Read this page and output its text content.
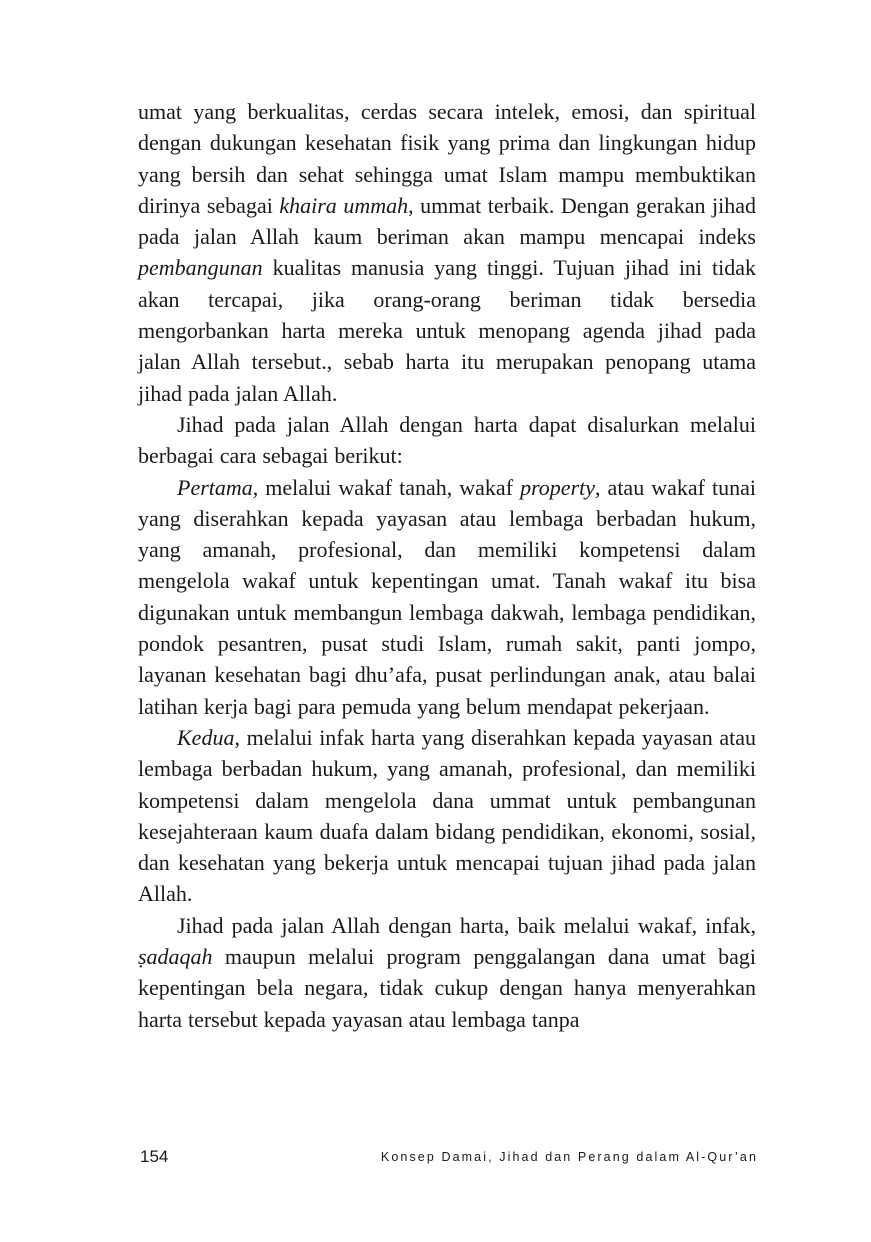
umat yang berkualitas, cerdas secara intelek, emosi, dan spiritual dengan dukungan kesehatan fisik yang prima dan lingkungan hidup yang bersih dan sehat sehingga umat Islam mampu membuktikan dirinya sebagai khaira ummah, ummat terbaik. Dengan gerakan jihad pada jalan Allah kaum beriman akan mampu mencapai indeks pembangunan kualitas manusia yang tinggi. Tujuan jihad ini tidak akan tercapai, jika orang-orang beriman tidak bersedia mengorbankan harta mereka untuk menopang agenda jihad pada jalan Allah tersebut., sebab harta itu merupakan penopang utama jihad pada jalan Allah.

Jihad pada jalan Allah dengan harta dapat disalurkan melalui berbagai cara sebagai berikut:

Pertama, melalui wakaf tanah, wakaf property, atau wakaf tunai yang diserahkan kepada yayasan atau lembaga berbadan hukum, yang amanah, profesional, dan memiliki kompetensi dalam mengelola wakaf untuk kepentingan umat. Tanah wakaf itu bisa digunakan untuk membangun lembaga dakwah, lembaga pendidikan, pondok pesantren, pusat studi Islam, rumah sakit, panti jompo, layanan kesehatan bagi dhu’afa, pusat perlindungan anak, atau balai latihan kerja bagi para pemuda yang belum mendapat pekerjaan.

Kedua, melalui infak harta yang diserahkan kepada yayasan atau lembaga berbadan hukum, yang amanah, profesional, dan memiliki kompetensi dalam mengelola dana ummat untuk pembangunan kesejahteraan kaum duafa dalam bidang pendidikan, ekonomi, sosial, dan kesehatan yang bekerja untuk mencapai tujuan jihad pada jalan Allah.

Jihad pada jalan Allah dengan harta, baik melalui wakaf, infak, ṣadaqah maupun melalui program penggalangan dana umat bagi kepentingan bela negara, tidak cukup dengan hanya menyerahkan harta tersebut kepada yayasan atau lembaga tanpa

154	Konsep Damai, Jihad dan Perang dalam Al-Qur’an
